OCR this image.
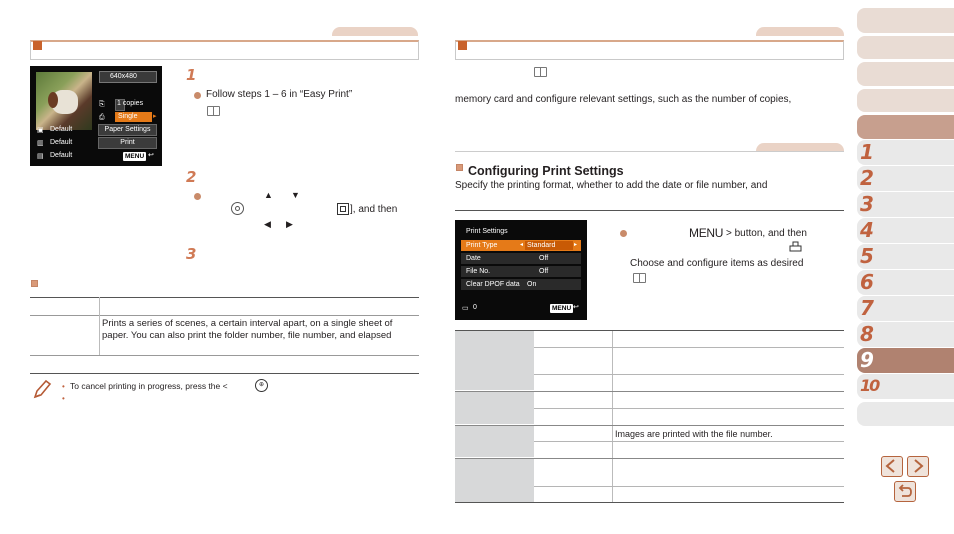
640x480
⎘
1 copies
⎙	Single	▸
▣ Default
▥ Default
▤ Default
Paper Settings
Print
MENU ↩
1
Follow steps 1 – 6 in “Easy Print”
2
▲ ▼
], and then
◀ ▶
3
Prints a series of scenes, a certain interval apart, on a single sheet of paper. You can also print the folder number, file number, and elapsed
• To cancel printing in progress, press the <	⊕
•
memory card and configure relevant settings, such as the number of copies,
Configuring Print Settings
Specify the printing format, whether to add the date or file number, and
Print Settings
Print Type	Standard
◂	▸
Date	Off
File No.	Off
Clear DPOF data On
▭ 0	MENU ↩
MENU > button, and then
Choose and configure items as desired
Images are printed with the file number.
1
2
3
4
5
6
7
8
9
10
